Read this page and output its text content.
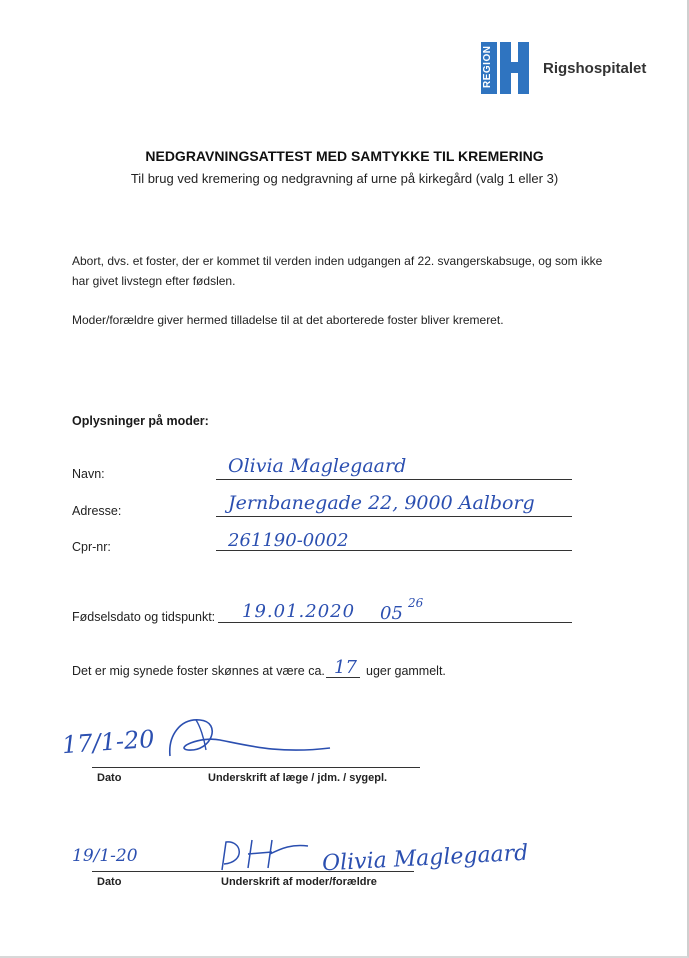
REGION	Rigshospitalet
NEDGRAVNINGSATTEST MED SAMTYKKE TIL KREMERING
Til brug ved kremering og nedgravning af urne på kirkegård (valg 1 eller 3)
Abort, dvs. et foster, der er kommet til verden inden udgangen af 22. svangerskabsuge, og som ikke
har givet livstegn efter fødslen.
Moder/forældre giver hermed tilladelse til at det aborterede foster bliver kremeret.
Oplysninger på moder:
Navn:	Olivia Maglegaard
Adresse:	Jernbanegade 22, 9000 Aalborg
Cpr-nr:	261190-0002
Fødselsdato og tidspunkt: 19.01.2020 05 26
Det er mig synede foster skønnes at være ca. 17 uger gammelt.
17/1-20
Dato	Underskrift af læge / jdm. / sygepl.
19/1-20	Olivia Maglegaard
Dato	Underskrift af moder/forældre
